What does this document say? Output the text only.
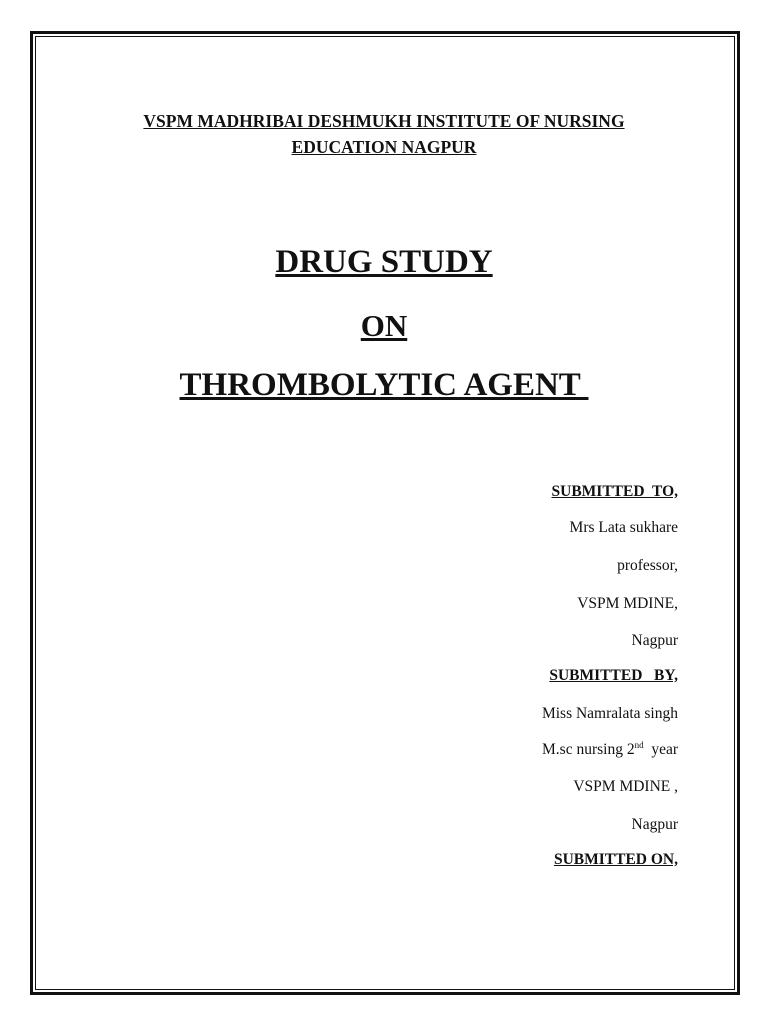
VSPM MADHRIBAI DESHMUKH INSTITUTE OF NURSING
EDUCATION NAGPUR
DRUG STUDY
ON
THROMBOLYTIC AGENT
SUBMITTED  TO,
Mrs Lata sukhare
professor,
VSPM MDINE,
Nagpur
SUBMITTED   BY,
Miss Namralata singh
M.sc nursing 2nd  year
VSPM MDINE ,
Nagpur
SUBMITTED ON,
